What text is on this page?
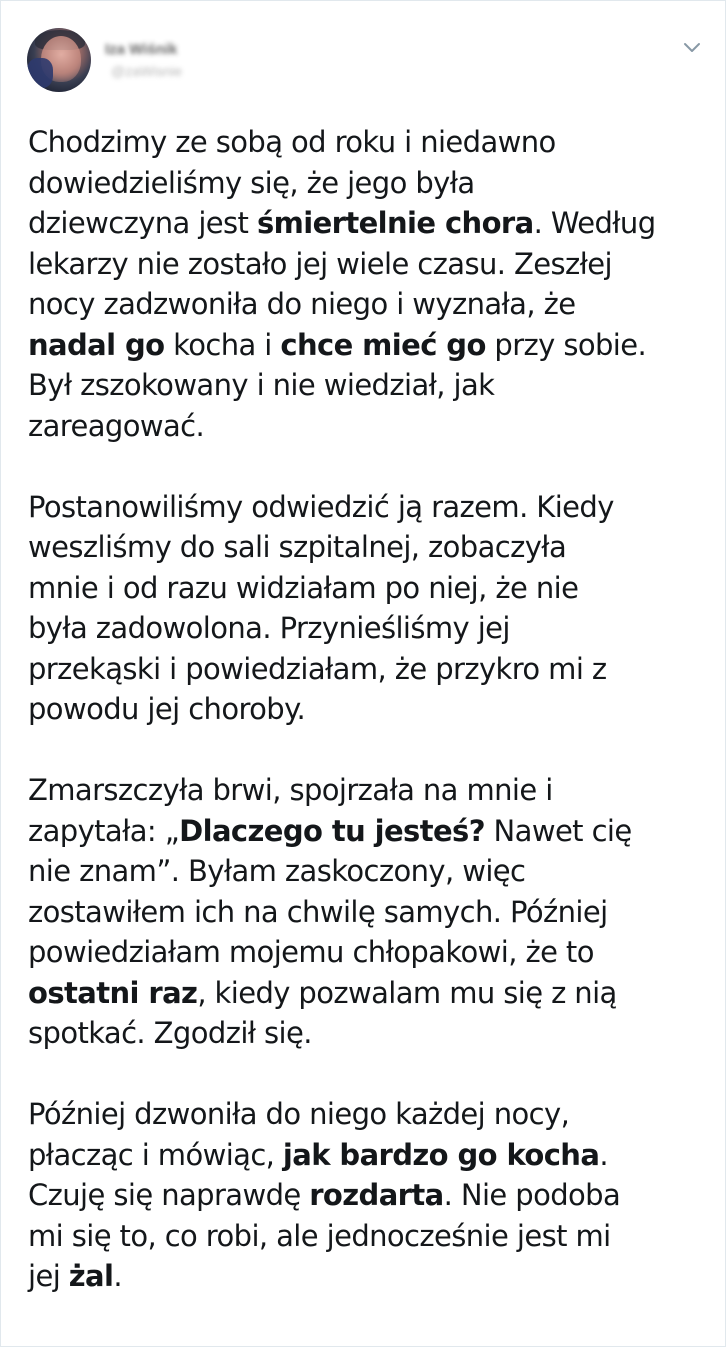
Iza Wiśnik
@zaWisnie
Chodzimy ze sobą od roku i niedawno
dowiedzieliśmy się, że jego była
dziewczyna jest śmiertelnie chora. Według
lekarzy nie zostało jej wiele czasu. Zeszłej
nocy zadzwoniła do niego i wyznała, że
nadal go kocha i chce mieć go przy sobie.
Był zszokowany i nie wiedział, jak
zareagować.
Postanowiliśmy odwiedzić ją razem. Kiedy
weszliśmy do sali szpitalnej, zobaczyła
mnie i od razu widziałam po niej, że nie
była zadowolona. Przynieśliśmy jej
przekąski i powiedziałam, że przykro mi z
powodu jej choroby.
Zmarszczyła brwi, spojrzała na mnie i
zapytała: „Dlaczego tu jesteś? Nawet cię
nie znam”. Byłam zaskoczony, więc
zostawiłem ich na chwilę samych. Później
powiedziałam mojemu chłopakowi, że to
ostatni raz, kiedy pozwalam mu się z nią
spotkać. Zgodził się.
Później dzwoniła do niego każdej nocy,
płacząc i mówiąc, jak bardzo go kocha.
Czuję się naprawdę rozdarta. Nie podoba
mi się to, co robi, ale jednocześnie jest mi
jej żal.
